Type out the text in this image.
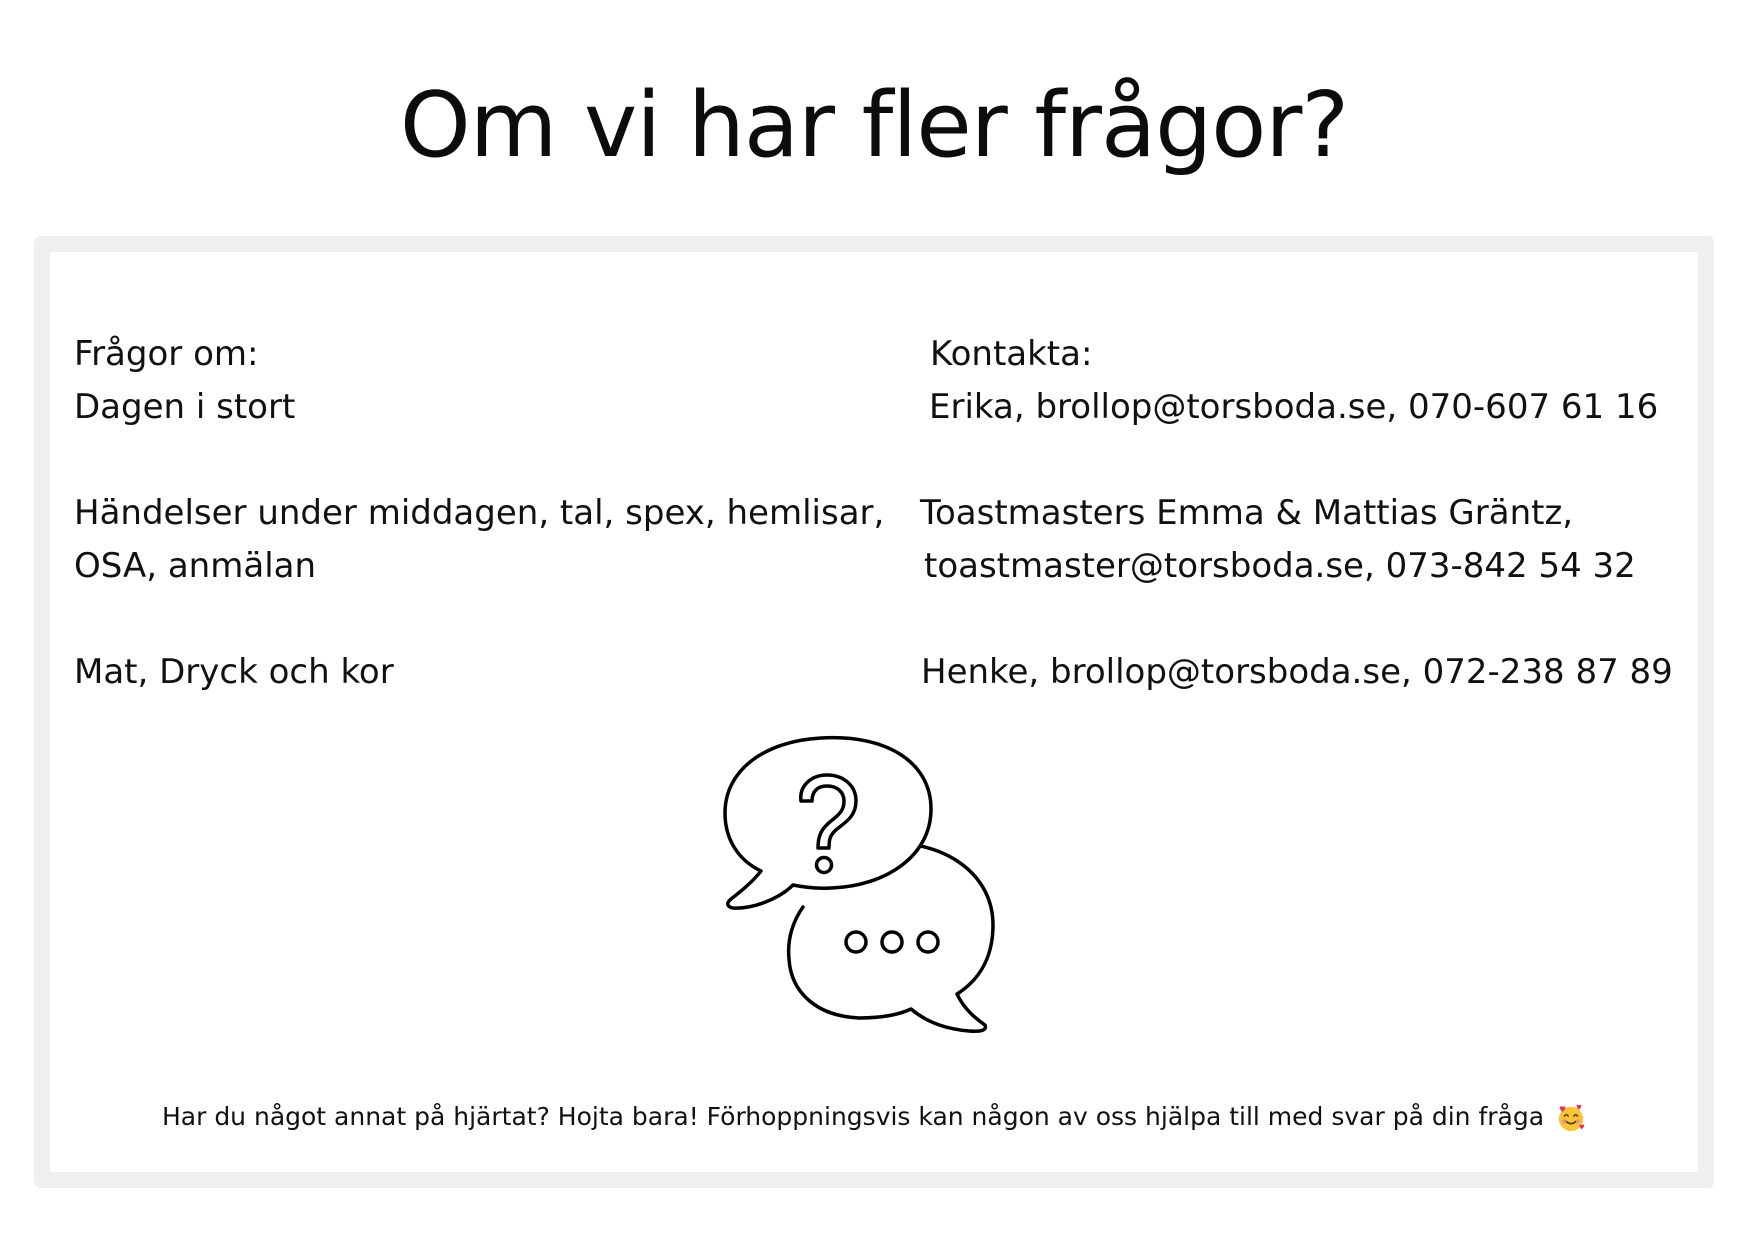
Om vi har fler frågor?
Frågor om:
Dagen i stort
Händelser under middagen, tal, spex, hemlisar,
OSA, anmälan
Mat, Dryck och kor
Kontakta:
Erika, brollop@torsboda.se, 070-607 61 16
Toastmasters Emma & Mattias Gräntz,
toastmaster@torsboda.se, 073-842 54 32
Henke, brollop@torsboda.se, 072-238 87 89
Har du något annat på hjärtat? Hojta bara! Förhoppningsvis kan någon av oss hjälpa till med svar på din fråga
